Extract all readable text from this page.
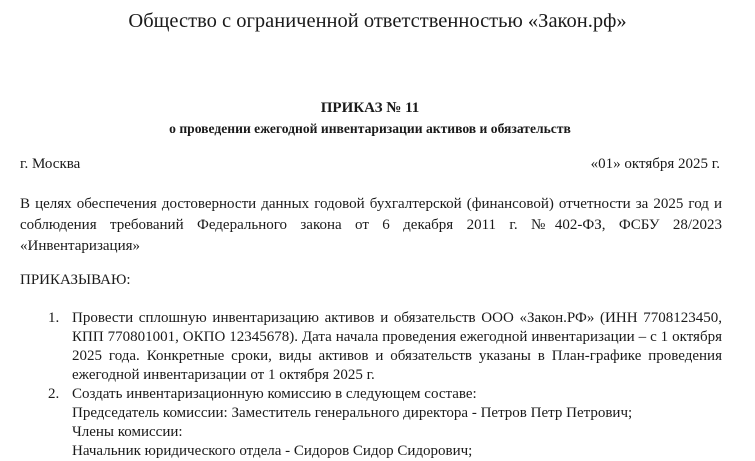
Общество с ограниченной ответственностью «Закон.рф»
ПРИКАЗ № 11
о проведении ежегодной инвентаризации активов и обязательств
г. Москва	«01» октября 2025 г.
В целях обеспечения достоверности данных годовой бухгалтерской (финансовой) отчетности за 2025 год и соблюдения требований Федерального закона от 6 декабря 2011 г. №402-ФЗ, ФСБУ 28/2023 «Инвентаризация»
ПРИКАЗЫВАЮ:
1. Провести сплошную инвентаризацию активов и обязательств ООО «Закон.РФ» (ИНН 7708123450, КПП 770801001, ОКПО 12345678). Дата начала проведения ежегодной инвентаризации – с 1 октября 2025 года. Конкретные сроки, виды активов и обязательств указаны в План-графике проведения ежегодной инвентаризации от 1 октября 2025 г.
2. Создать инвентаризационную комиссию в следующем составе:

Председатель комиссии: Заместитель генерального директора - Петров Петр Петрович;

Члены комиссии:

Начальник юридического отдела - Сидоров Сидор Сидорович;
